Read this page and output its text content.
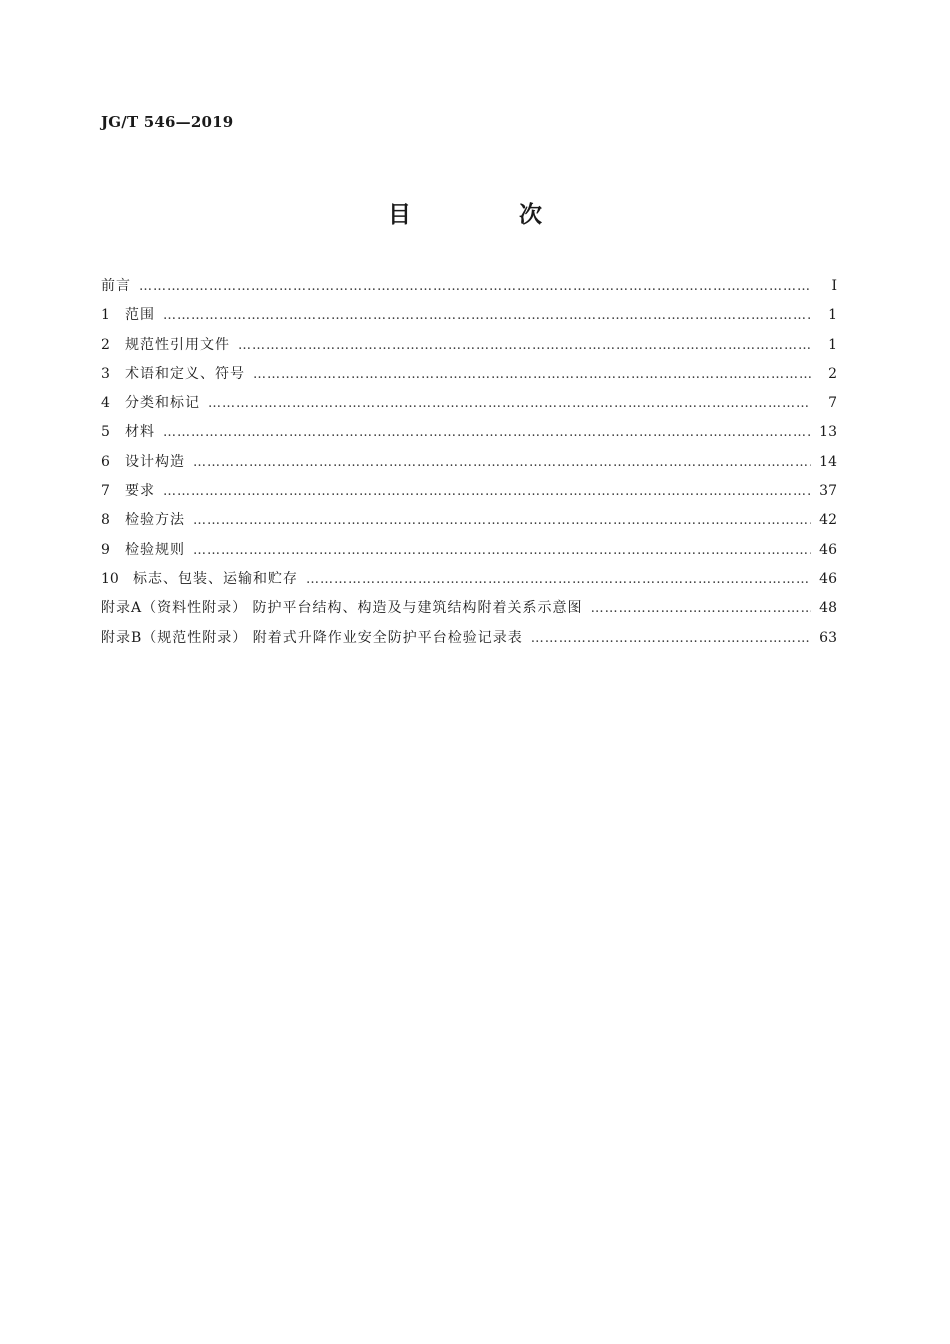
JG/T 546—2019
目 次
前言 ……………………………………………………………………………………………………………………………………………………………………………………………………	Ⅰ
1	范围 ……………………………………………………………………………………………………………………………………………………………………………………………………	1
2	规范性引用文件 ……………………………………………………………………………………………………………………………………………………………………………………………………	1
3	术语和定义、符号 ……………………………………………………………………………………………………………………………………………………………………………………………………	2
4	分类和标记 ……………………………………………………………………………………………………………………………………………………………………………………………………	7
5	材料 ……………………………………………………………………………………………………………………………………………………………………………………………………	13
6	设计构造 ……………………………………………………………………………………………………………………………………………………………………………………………………	14
7	要求 ……………………………………………………………………………………………………………………………………………………………………………………………………	37
8	检验方法 ……………………………………………………………………………………………………………………………………………………………………………………………………	42
9	检验规则 ……………………………………………………………………………………………………………………………………………………………………………………………………	46
10	标志、包装、运输和贮存 ……………………………………………………………………………………………………………………………………………………………………………………………………	46
附录A（资料性附录） 防护平台结构、构造及与建筑结构附着关系示意图 ……………………………………………………………………………………………………………………………………………………………………………………………………	48
附录B（规范性附录） 附着式升降作业安全防护平台检验记录表 ……………………………………………………………………………………………………………………………………………………………………………………………………	63
